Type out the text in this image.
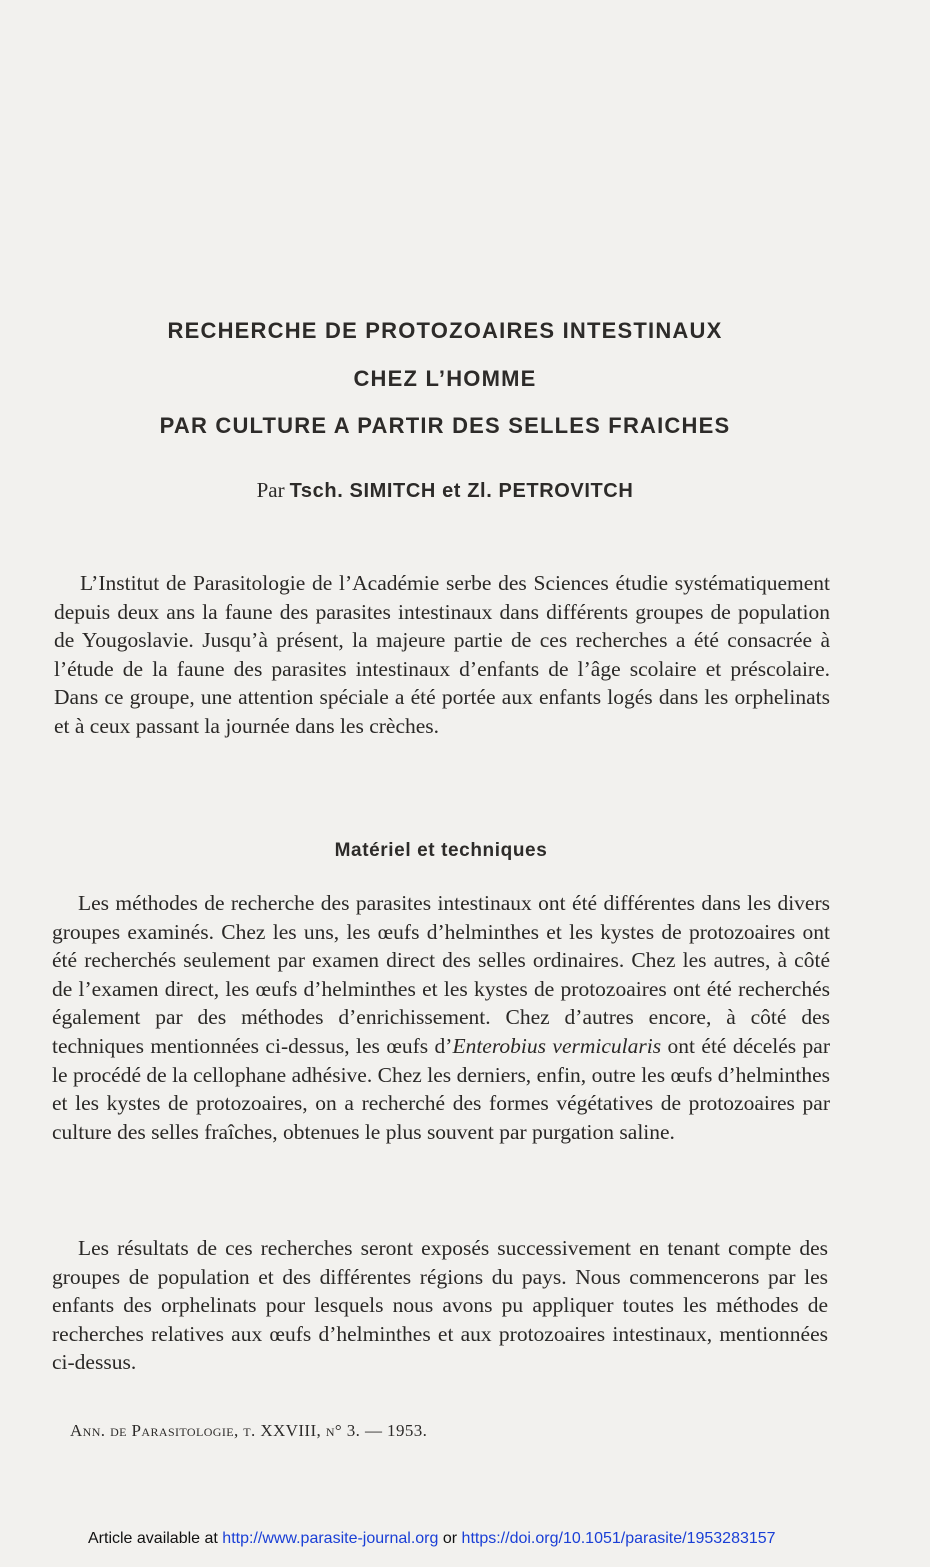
RECHERCHE DE PROTOZOAIRES INTESTINAUX
CHEZ L’HOMME
PAR CULTURE A PARTIR DES SELLES FRAICHES
Par Tsch. SIMITCH et Zl. PETROVITCH

L’Institut de Parasitologie de l’Académie serbe des Sciences étudie systématiquement depuis deux ans la faune des parasites intestinaux dans différents groupes de population de Yougoslavie. Jusqu’à présent, la majeure partie de ces recherches a été consacrée à l’étude de la faune des parasites intestinaux d’enfants de l’âge scolaire et préscolaire. Dans ce groupe, une attention spéciale a été portée aux enfants logés dans les orphelinats et à ceux passant la journée dans les crèches.

Matériel et techniques

Les méthodes de recherche des parasites intestinaux ont été différentes dans les divers groupes examinés. Chez les uns, les œufs d’helminthes et les kystes de protozoaires ont été recherchés seulement par examen direct des selles ordinaires. Chez les autres, à côté de l’examen direct, les œufs d’helminthes et les kystes de protozoaires ont été recherchés également par des méthodes d’enrichissement. Chez d’autres encore, à côté des techniques mentionnées ci-dessus, les œufs d’Enterobius vermicularis ont été décelés par le procédé de la cellophane adhésive. Chez les derniers, enfin, outre les œufs d’helminthes et les kystes de protozoaires, on a recherché des formes végétatives de protozoaires par culture des selles fraîches, obtenues le plus souvent par purgation saline.

Les résultats de ces recherches seront exposés successivement en tenant compte des groupes de population et des différentes régions du pays. Nous commencerons par les enfants des orphelinats pour lesquels nous avons pu appliquer toutes les méthodes de recherches relatives aux œufs d’helminthes et aux protozoaires intestinaux, mentionnées ci-dessus.

Ann. de Parasitologie, t. XXVIII, n° 3. — 1953.
Article available at http://www.parasite-journal.org or https://doi.org/10.1051/parasite/1953283157
